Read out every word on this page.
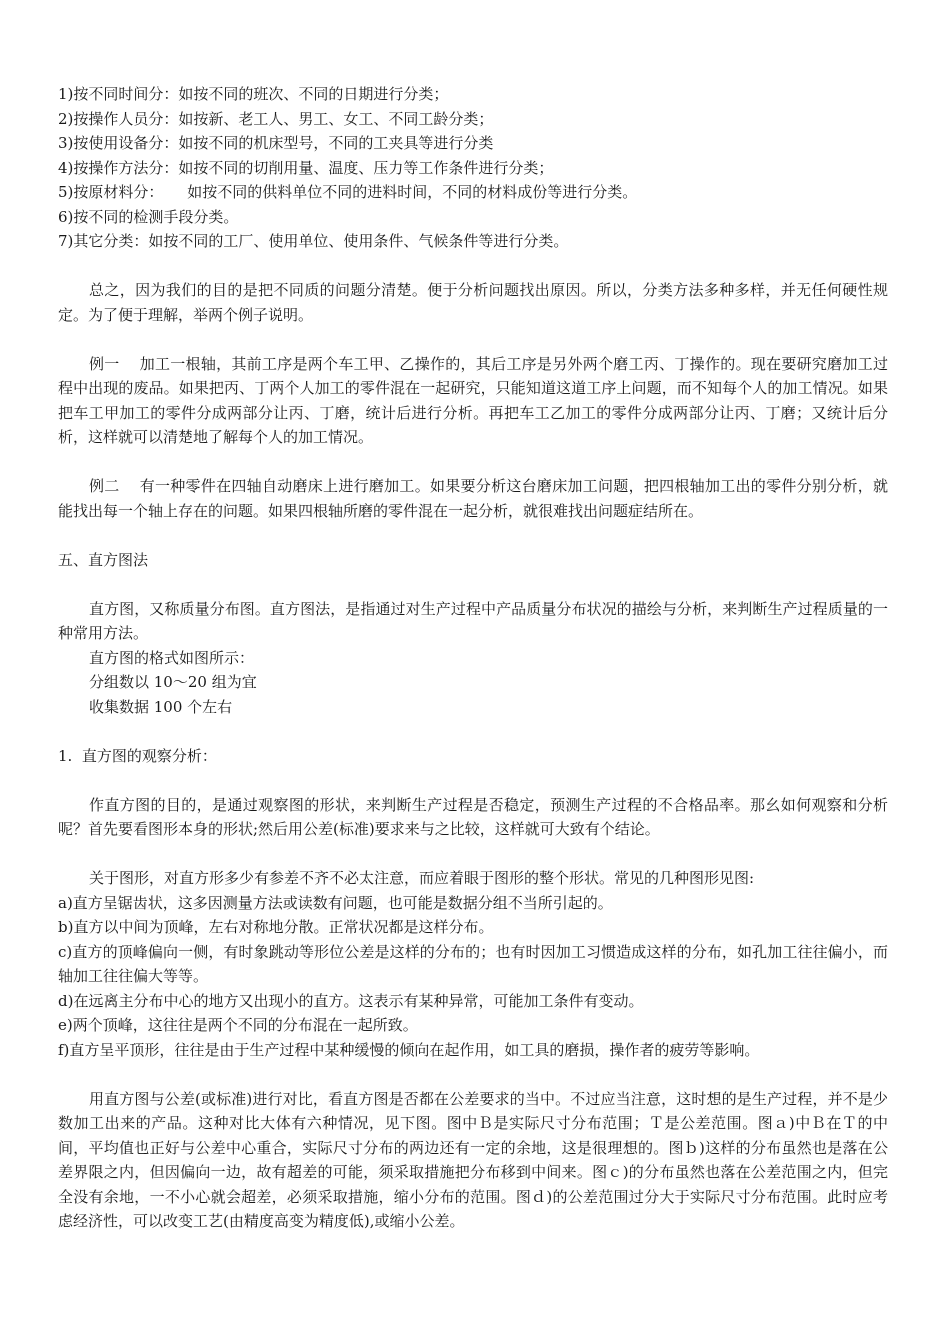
1)按不同时间分：如按不同的班次、不同的日期进行分类；
2)按操作人员分：如按新、老工人、男工、女工、不同工龄分类；
3)按使用设备分：如按不同的机床型号，不同的工夹具等进行分类
4)按操作方法分：如按不同的切削用量、温度、压力等工作条件进行分类；
5)按原材料分：     如按不同的供料单位不同的进料时间，不同的材料成份等进行分类。
6)按不同的检测手段分类。
7)其它分类：如按不同的工厂、使用单位、使用条件、气候条件等进行分类。
总之，因为我们的目的是把不同质的问题分清楚。便于分析问题找出原因。所以，分类方法多种多样，并无任何硬性规定。为了便于理解，举两个例子说明。
例一    加工一根轴，其前工序是两个车工甲、乙操作的，其后工序是另外两个磨工丙、丁操作的。现在要研究磨加工过程中出现的废品。如果把丙、丁两个人加工的零件混在一起研究，只能知道这道工序上问题，而不知每个人的加工情况。如果把车工甲加工的零件分成两部分让丙、丁磨，统计后进行分析。再把车工乙加工的零件分成两部分让丙、丁磨；又统计后分析，这样就可以清楚地了解每个人的加工情况。
例二    有一种零件在四轴自动磨床上进行磨加工。如果要分析这台磨床加工问题，把四根轴加工出的零件分别分析，就能找出每一个轴上存在的问题。如果四根轴所磨的零件混在一起分析，就很难找出问题症结所在。
五、直方图法
直方图，又称质量分布图。直方图法，是指通过对生产过程中产品质量分布状况的描绘与分析，来判断生产过程质量的一种常用方法。
直方图的格式如图所示：
分组数以 10～20 组为宜
收集数据 100 个左右
1.  直方图的观察分析：
作直方图的目的，是通过观察图的形状，来判断生产过程是否稳定，预测生产过程的不合格品率。那幺如何观察和分析呢？首先要看图形本身的形状;然后用公差(标准)要求来与之比较，这样就可大致有个结论。
关于图形，对直方形多少有参差不齐不必太注意，而应着眼于图形的整个形状。常见的几种图形见图:
a)直方呈锯齿状，这多因测量方法或读数有问题，也可能是数据分组不当所引起的。
b)直方以中间为顶峰，左右对称地分散。正常状况都是这样分布。
c)直方的顶峰偏向一侧，有时象跳动等形位公差是这样的分布的；也有时因加工习惯造成这样的分布，如孔加工往往偏小，而轴加工往往偏大等等。
d)在远离主分布中心的地方又出现小的直方。这表示有某种异常，可能加工条件有变动。
e)两个顶峰，这往往是两个不同的分布混在一起所致。
f)直方呈平顶形，往往是由于生产过程中某种缓慢的倾向在起作用，如工具的磨损，操作者的疲劳等影响。
用直方图与公差(或标准)进行对比，看直方图是否都在公差要求的当中。不过应当注意，这时想的是生产过程，并不是少数加工出来的产品。这种对比大体有六种情况，见下图。图中Ｂ是实际尺寸分布范围；Ｔ是公差范围。图ａ)中Ｂ在Ｔ的中间，平均值也正好与公差中心重合，实际尺寸分布的两边还有一定的余地，这是很理想的。图ｂ)这样的分布虽然也是落在公差界限之内，但因偏向一边，故有超差的可能，须采取措施把分布移到中间来。图ｃ)的分布虽然也落在公差范围之内，但完全没有余地，一不小心就会超差，必须采取措施，缩小分布的范围。图ｄ)的公差范围过分大于实际尺寸分布范围。此时应考虑经济性，可以改变工艺(由精度高变为精度低),或缩小公差。
